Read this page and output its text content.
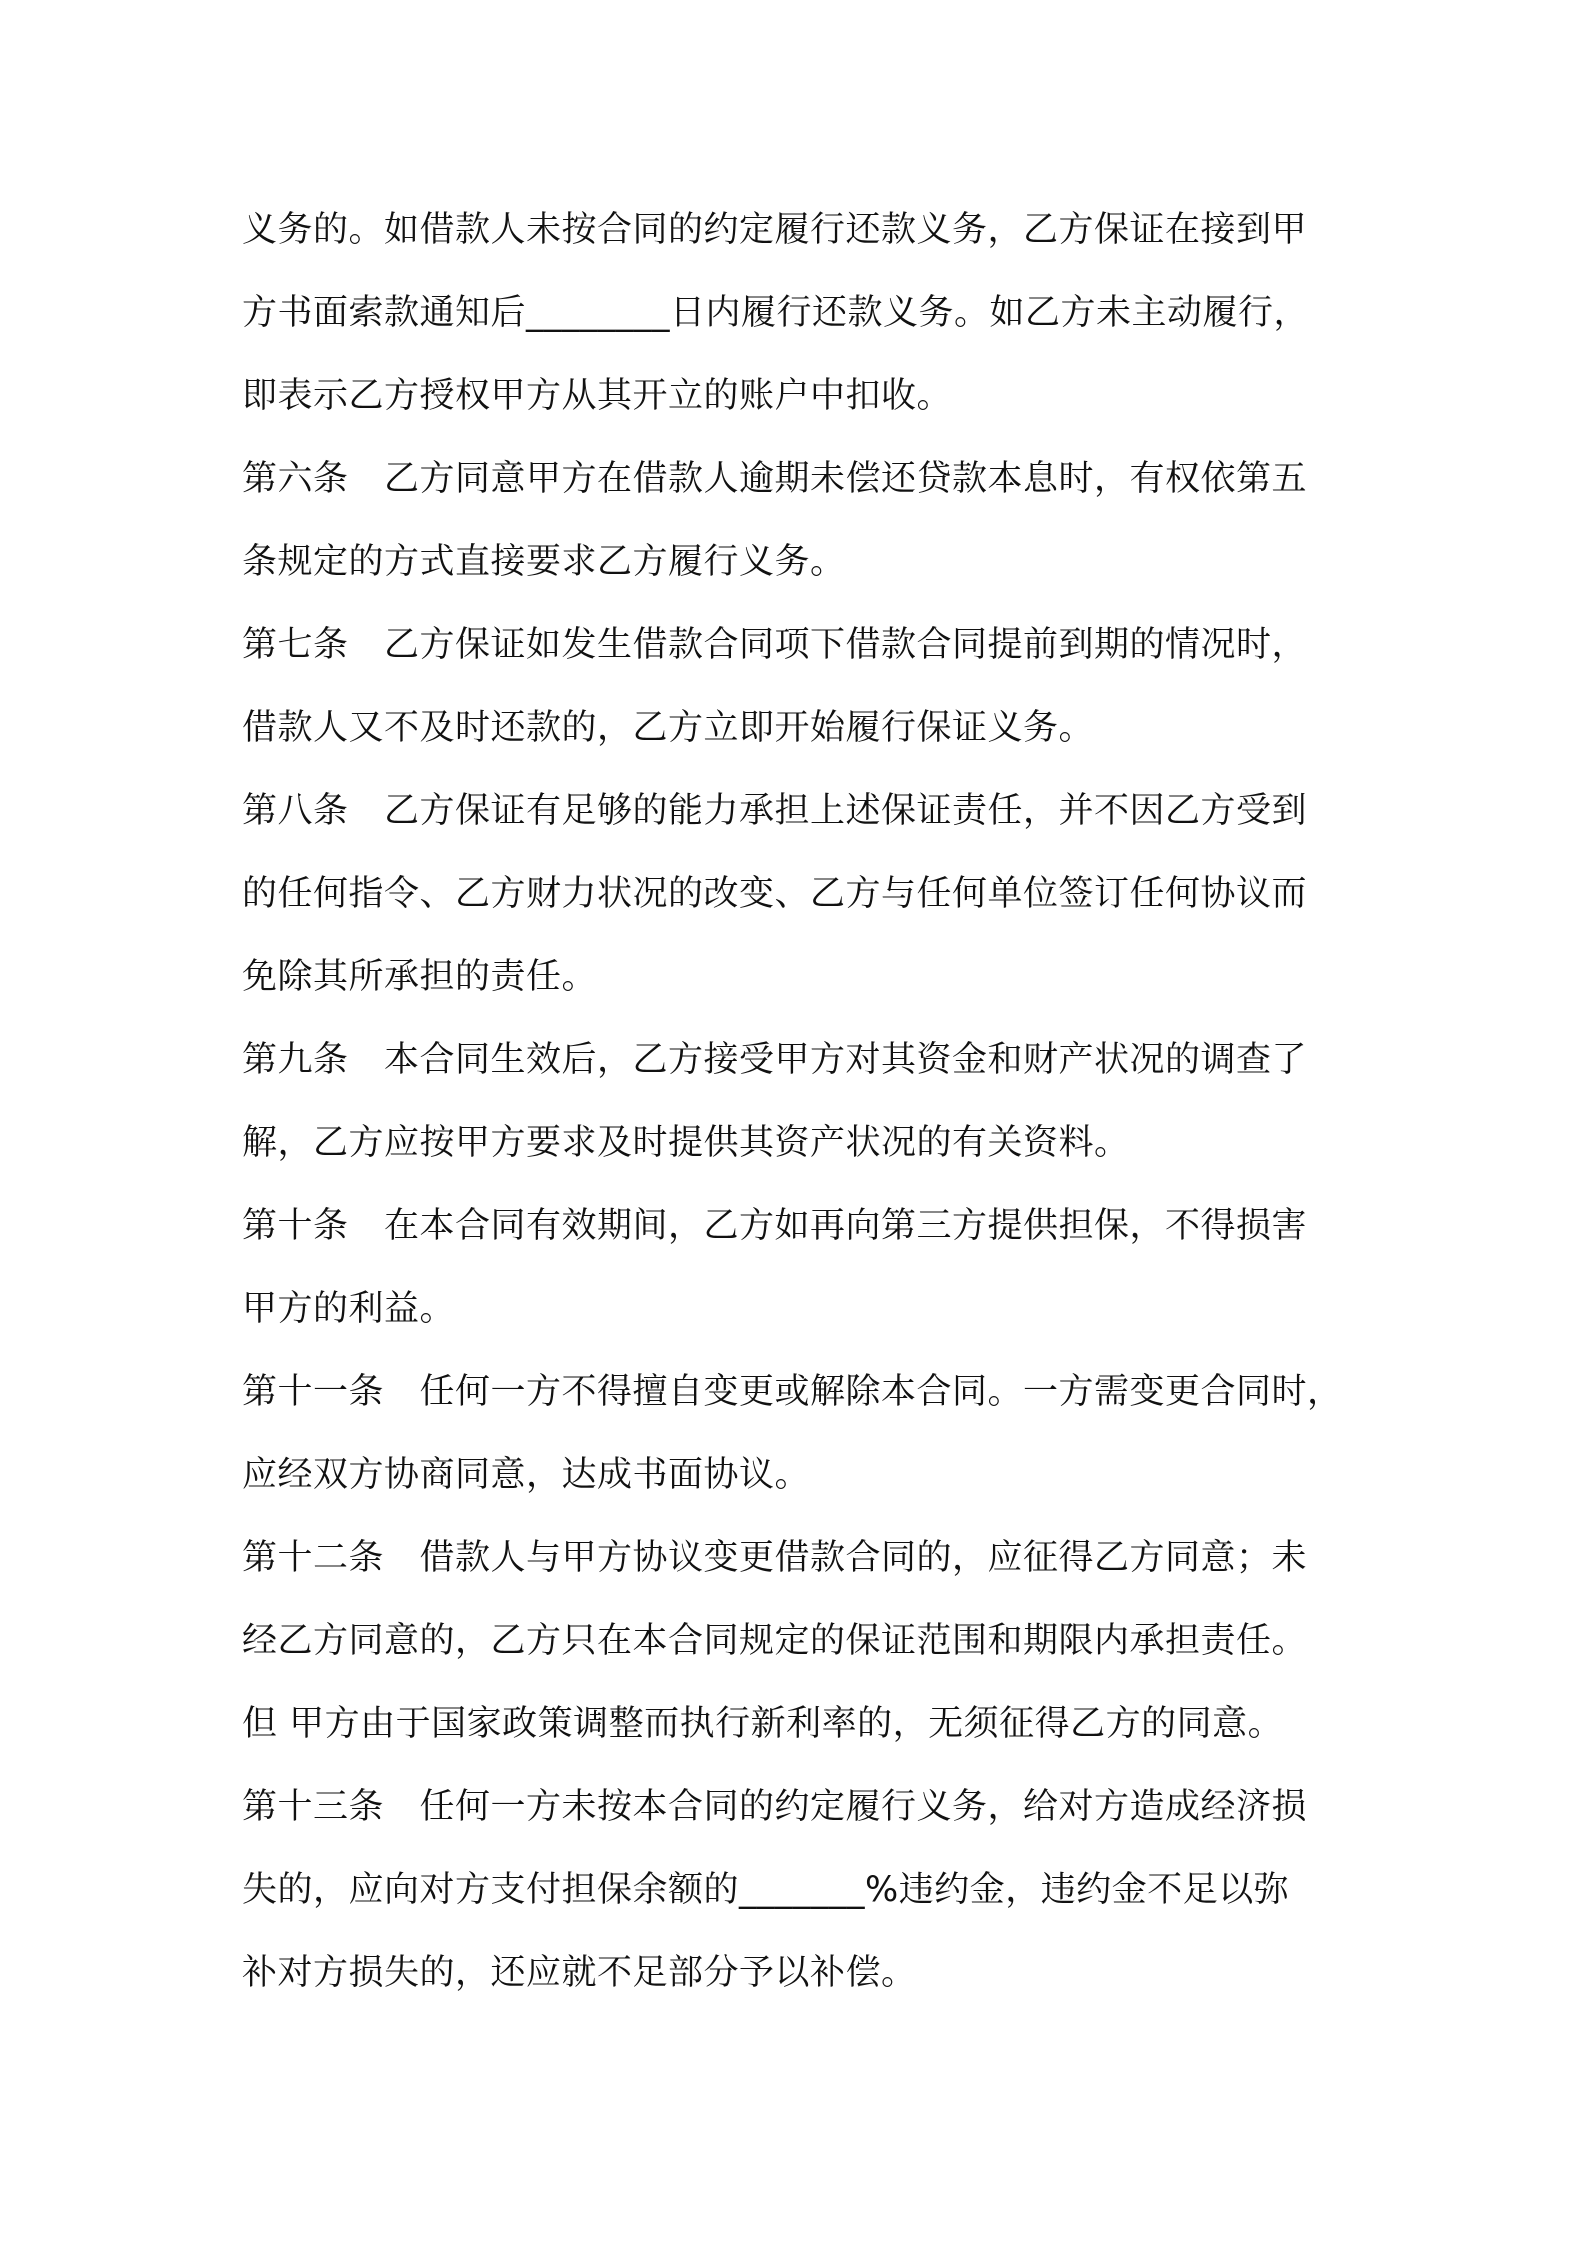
义务的。如借款人未按合同的约定履行还款义务，乙方保证在接到甲
方书面索款通知后________日内履行还款义务。如乙方未主动履行，
即表示乙方授权甲方从其开立的账户中扣收。
第六条　乙方同意甲方在借款人逾期未偿还贷款本息时，有权依第五
条规定的方式直接要求乙方履行义务。
第七条　乙方保证如发生借款合同项下借款合同提前到期的情况时，
借款人又不及时还款的，乙方立即开始履行保证义务。
第八条　乙方保证有足够的能力承担上述保证责任，并不因乙方受到
的任何指令、乙方财力状况的改变、乙方与任何单位签订任何协议而
免除其所承担的责任。
第九条　本合同生效后，乙方接受甲方对其资金和财产状况的调查了
解，乙方应按甲方要求及时提供其资产状况的有关资料。
第十条　在本合同有效期间，乙方如再向第三方提供担保，不得损害
甲方的利益。
第十一条　任何一方不得擅自变更或解除本合同。一方需变更合同时，
应经双方协商同意，达成书面协议。
第十二条　借款人与甲方协议变更借款合同的，应征得乙方同意；未
经乙方同意的，乙方只在本合同规定的保证范围和期限内承担责任。
但 甲方由于国家政策调整而执行新利率的，无须征得乙方的同意。
第十三条　任何一方未按本合同的约定履行义务，给对方造成经济损
失的，应向对方支付担保余额的_______%违约金，违约金不足以弥
补对方损失的，还应就不足部分予以补偿。
